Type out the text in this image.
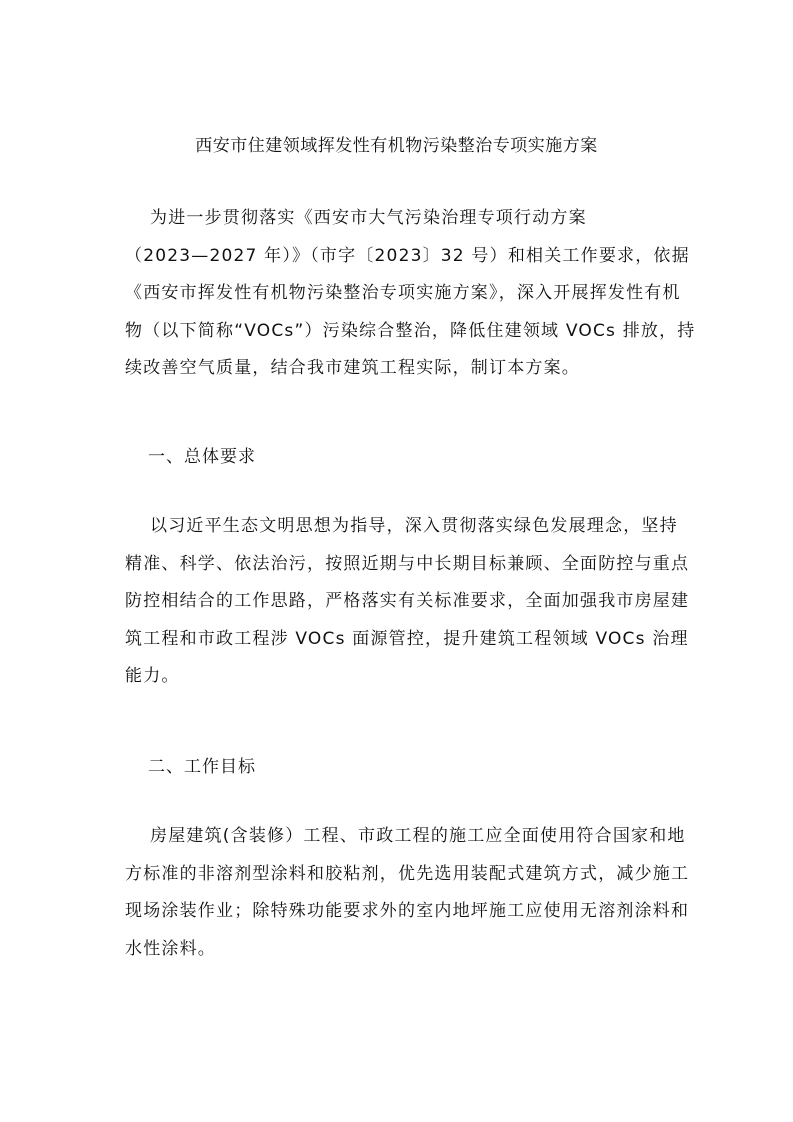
西安市住建领域挥发性有机物污染整治专项实施方案
为进一步贯彻落实《西安市大气污染治理专项行动方案
（2023—2027 年）》（市字〔2023〕32 号）和相关工作要求，依据
《西安市挥发性有机物污染整治专项实施方案》，深入开展挥发性有机
物（以下简称“VOCs”）污染综合整治，降低住建领域 VOCs 排放，持
续改善空气质量，结合我市建筑工程实际，制订本方案。
一、总体要求
以习近平生态文明思想为指导，深入贯彻落实绿色发展理念，坚持
精准、科学、依法治污，按照近期与中长期目标兼顾、全面防控与重点
防控相结合的工作思路，严格落实有关标准要求，全面加强我市房屋建
筑工程和市政工程涉 VOCs 面源管控，提升建筑工程领域 VOCs 治理
能力。
二、工作目标
房屋建筑(含装修）工程、市政工程的施工应全面使用符合国家和地
方标准的非溶剂型涂料和胶粘剂，优先选用装配式建筑方式，减少施工
现场涂装作业；除特殊功能要求外的室内地坪施工应使用无溶剂涂料和
水性涂料。
